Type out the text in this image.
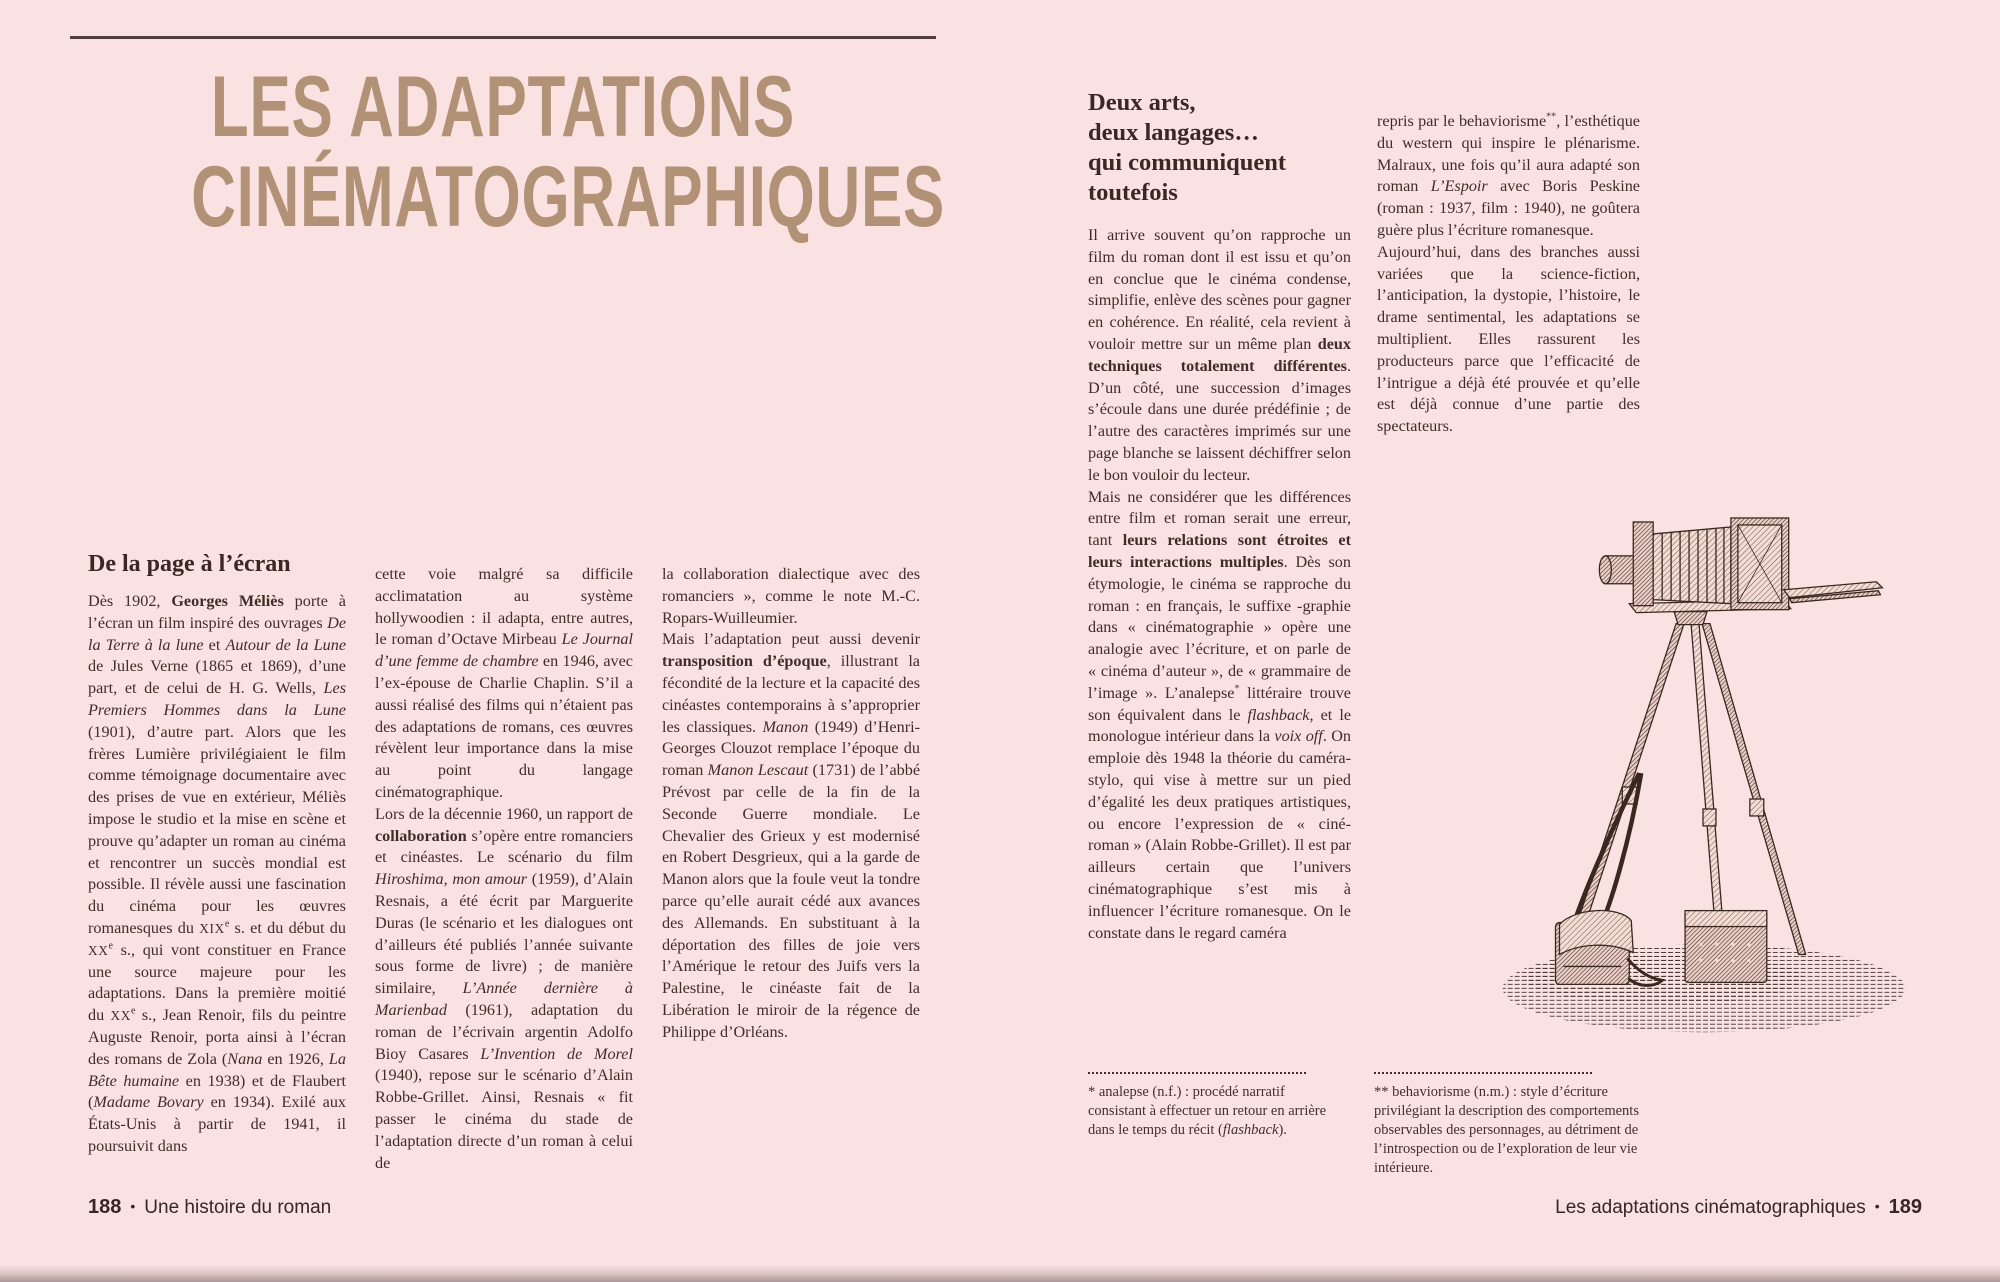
LES ADAPTATIONS
CINÉMATOGRAPHIQUES
De la page à l’écran

Dès 1902, Georges Méliès porte à l’écran un film inspiré des ouvrages De la Terre à la lune et Autour de la Lune de Jules Verne (1865 et 1869), d’une part, et de celui de H. G. Wells, Les Premiers Hommes dans la Lune (1901), d’autre part. Alors que les frères Lumière privilégiaient le film comme témoignage documentaire avec des prises de vue en extérieur, Méliès impose le studio et la mise en scène et prouve qu’adapter un roman au cinéma et rencontrer un succès mondial est possible. Il révèle aussi une fascination du cinéma pour les œuvres romanesques du XIXe s. et du début du XXe s., qui vont constituer en France une source majeure pour les adaptations. Dans la première moitié du XXe s., Jean Renoir, fils du peintre Auguste Renoir, porta ainsi à l’écran des romans de Zola (Nana en 1926, La Bête humaine en 1938) et de Flaubert (Madame Bovary en 1934). Exilé aux États-Unis à partir de 1941, il poursuivit dans

cette voie malgré sa difficile acclimatation au système hollywoodien : il adapta, entre autres, le roman d’Octave Mirbeau Le Journal d’une femme de chambre en 1946, avec l’ex-épouse de Charlie Chaplin. S’il a aussi réalisé des films qui n’étaient pas des adaptations de romans, ces œuvres révèlent leur importance dans la mise au point du langage cinématographique.

Lors de la décennie 1960, un rapport de collaboration s’opère entre romanciers et cinéastes. Le scénario du film Hiroshima, mon amour (1959), d’Alain Resnais, a été écrit par Marguerite Duras (le scénario et les dialogues ont d’ailleurs été publiés l’année suivante sous forme de livre) ; de manière similaire, L’Année dernière à Marienbad (1961), adaptation du roman de l’écrivain argentin Adolfo Bioy Casares L’Invention de Morel (1940), repose sur le scénario d’Alain Robbe-Grillet. Ainsi, Resnais « fit passer le cinéma du stade de l’adaptation directe d’un roman à celui de

la collaboration dialectique avec des romanciers », comme le note M.-C. Ropars-Wuilleumier.

Mais l’adaptation peut aussi devenir transposition d’époque, illustrant la fécondité de la lecture et la capacité des cinéastes contemporains à s’approprier les classiques. Manon (1949) d’Henri-Georges Clouzot remplace l’époque du roman Manon Lescaut (1731) de l’abbé Prévost par celle de la fin de la Seconde Guerre mondiale. Le Chevalier des Grieux y est modernisé en Robert Desgrieux, qui a la garde de Manon alors que la foule veut la tondre parce qu’elle aurait cédé aux avances des Allemands. En substituant à la déportation des filles de joie vers l’Amérique le retour des Juifs vers la Palestine, le cinéaste fait de la Libération le miroir de la régence de Philippe d’Orléans.

188 • Une histoire du roman
Deux arts,
deux langages…
qui communiquent
toutefois

Il arrive souvent qu’on rapproche un film du roman dont il est issu et qu’on en conclue que le cinéma condense, simplifie, enlève des scènes pour gagner en cohérence. En réalité, cela revient à vouloir mettre sur un même plan deux techniques totalement différentes. D’un côté, une succession d’images s’écoule dans une durée prédéfinie ; de l’autre des caractères imprimés sur une page blanche se laissent déchiffrer selon le bon vouloir du lecteur.

Mais ne considérer que les différences entre film et roman serait une erreur, tant leurs relations sont étroites et leurs interactions multiples. Dès son étymologie, le cinéma se rapproche du roman : en français, le suffixe -graphie dans « cinématographie » opère une analogie avec l’écriture, et on parle de « cinéma d’auteur », de « grammaire de l’image ». L’analepse* littéraire trouve son équivalent dans le flashback, et le monologue intérieur dans la voix off. On emploie dès 1948 la théorie du caméra-stylo, qui vise à mettre sur un pied d’égalité les deux pratiques artistiques, ou encore l’expression de « ciné-roman » (Alain Robbe-Grillet). Il est par ailleurs certain que l’univers cinématographique s’est mis à influencer l’écriture romanesque. On le constate dans le regard caméra

repris par le behaviorisme**, l’esthétique du western qui inspire le plénarisme. Malraux, une fois qu’il aura adapté son roman L’Espoir avec Boris Peskine (roman : 1937, film : 1940), ne goûtera guère plus l’écriture romanesque.

Aujourd’hui, dans des branches aussi variées que la science-fiction, l’anticipation, la dystopie, l’histoire, le drame sentimental, les adaptations se multiplient. Elles rassurent les producteurs parce que l’efficacité de l’intrigue a déjà été prouvée et qu’elle est déjà connue d’une partie des spectateurs.

* analepse (n.f.) : procédé narratif consistant à effectuer un retour en arrière dans le temps du récit (flashback).
** behaviorisme (n.m.) : style d’écriture privilégiant la description des comportements observables des personnages, au détriment de l’introspection ou de l’exploration de leur vie intérieure.
Les adaptations cinématographiques • 189
